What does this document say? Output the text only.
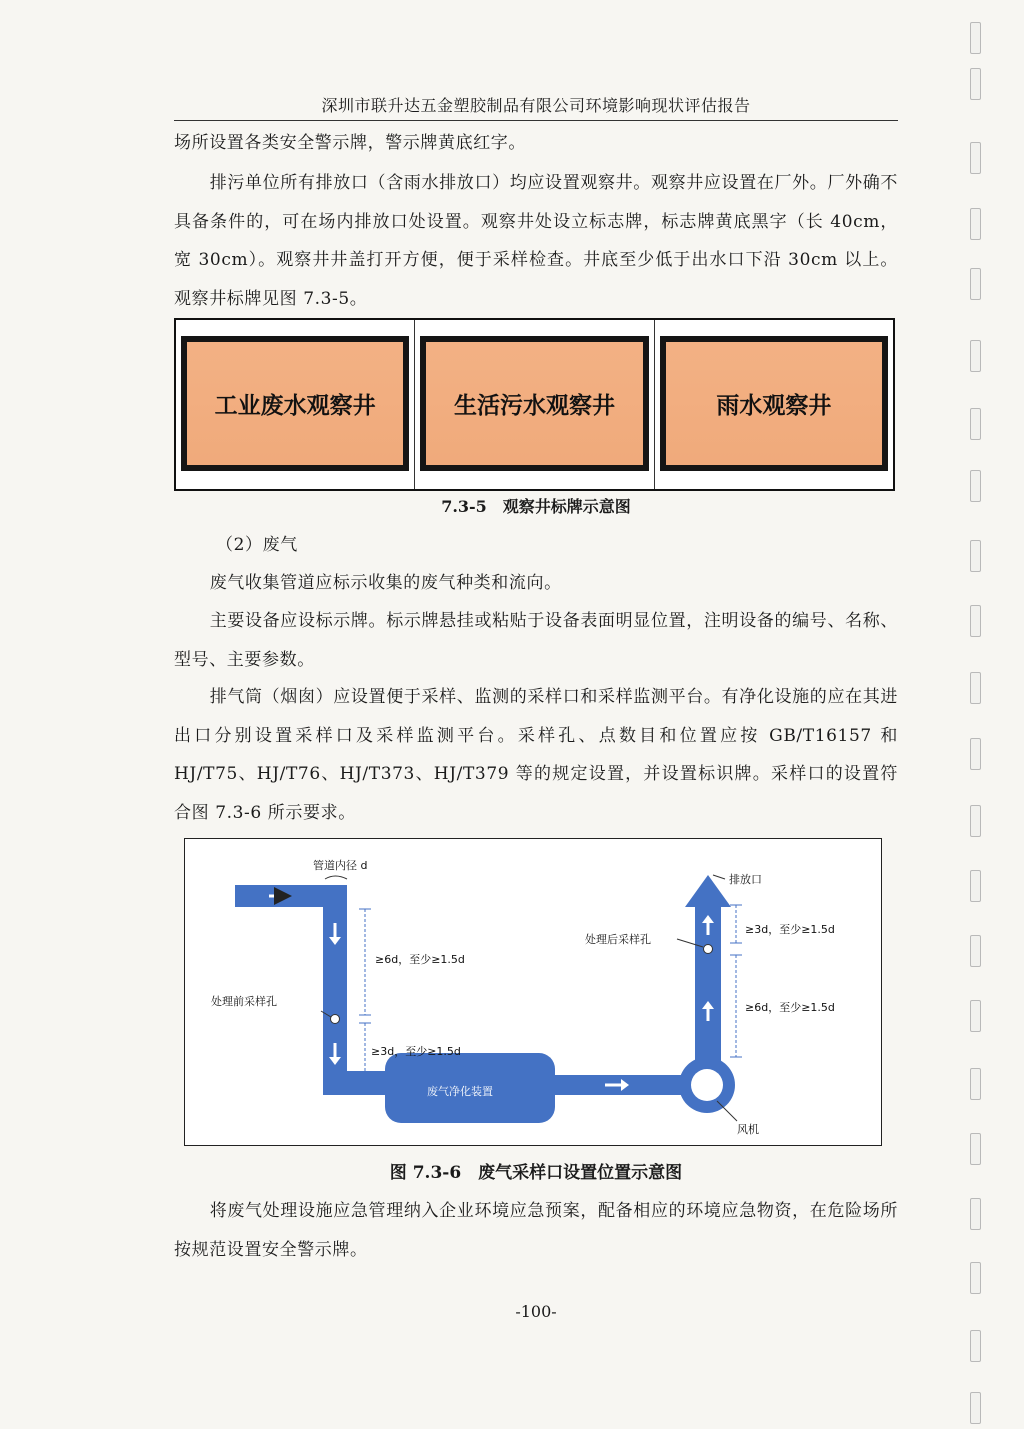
深圳市联升达五金塑胶制品有限公司环境影响现状评估报告
场所设置各类安全警示牌，警示牌黄底红字。
排污单位所有排放口（含雨水排放口）均应设置观察井。观察井应设置在厂外。厂外确不具备条件的，可在场内排放口处设置。观察井处设立标志牌，标志牌黄底黑字（长 40cm，宽 30cm）。观察井井盖打开方便，便于采样检查。井底至少低于出水口下沿 30cm 以上。观察井标牌见图 7.3-5。
工业废水观察井	生活污水观察井	雨水观察井
7.3-5　观察井标牌示意图
（2）废气
废气收集管道应标示收集的废气种类和流向。
主要设备应设标示牌。标示牌悬挂或粘贴于设备表面明显位置，注明设备的编号、名称、型号、主要参数。
排气筒（烟囱）应设置便于采样、监测的采样口和采样监测平台。有净化设施的应在其进出口分别设置采样口及采样监测平台。采样孔、点数目和位置应按 GB/T16157 和 HJ/T75、HJ/T76、HJ/T373、HJ/T379 等的规定设置，并设置标识牌。采样口的设置符合图 7.3-6 所示要求。
管道内径 d
处理前采样孔
≥6d，至少≥1.5d
≥3d，至少≥1.5d
废气净化装置
风机
排放口
处理后采样孔
≥3d，至少≥1.5d
≥6d，至少≥1.5d
图 7.3-6　废气采样口设置位置示意图
将废气处理设施应急管理纳入企业环境应急预案，配备相应的环境应急物资，在危险场所按规范设置安全警示牌。
-100-
